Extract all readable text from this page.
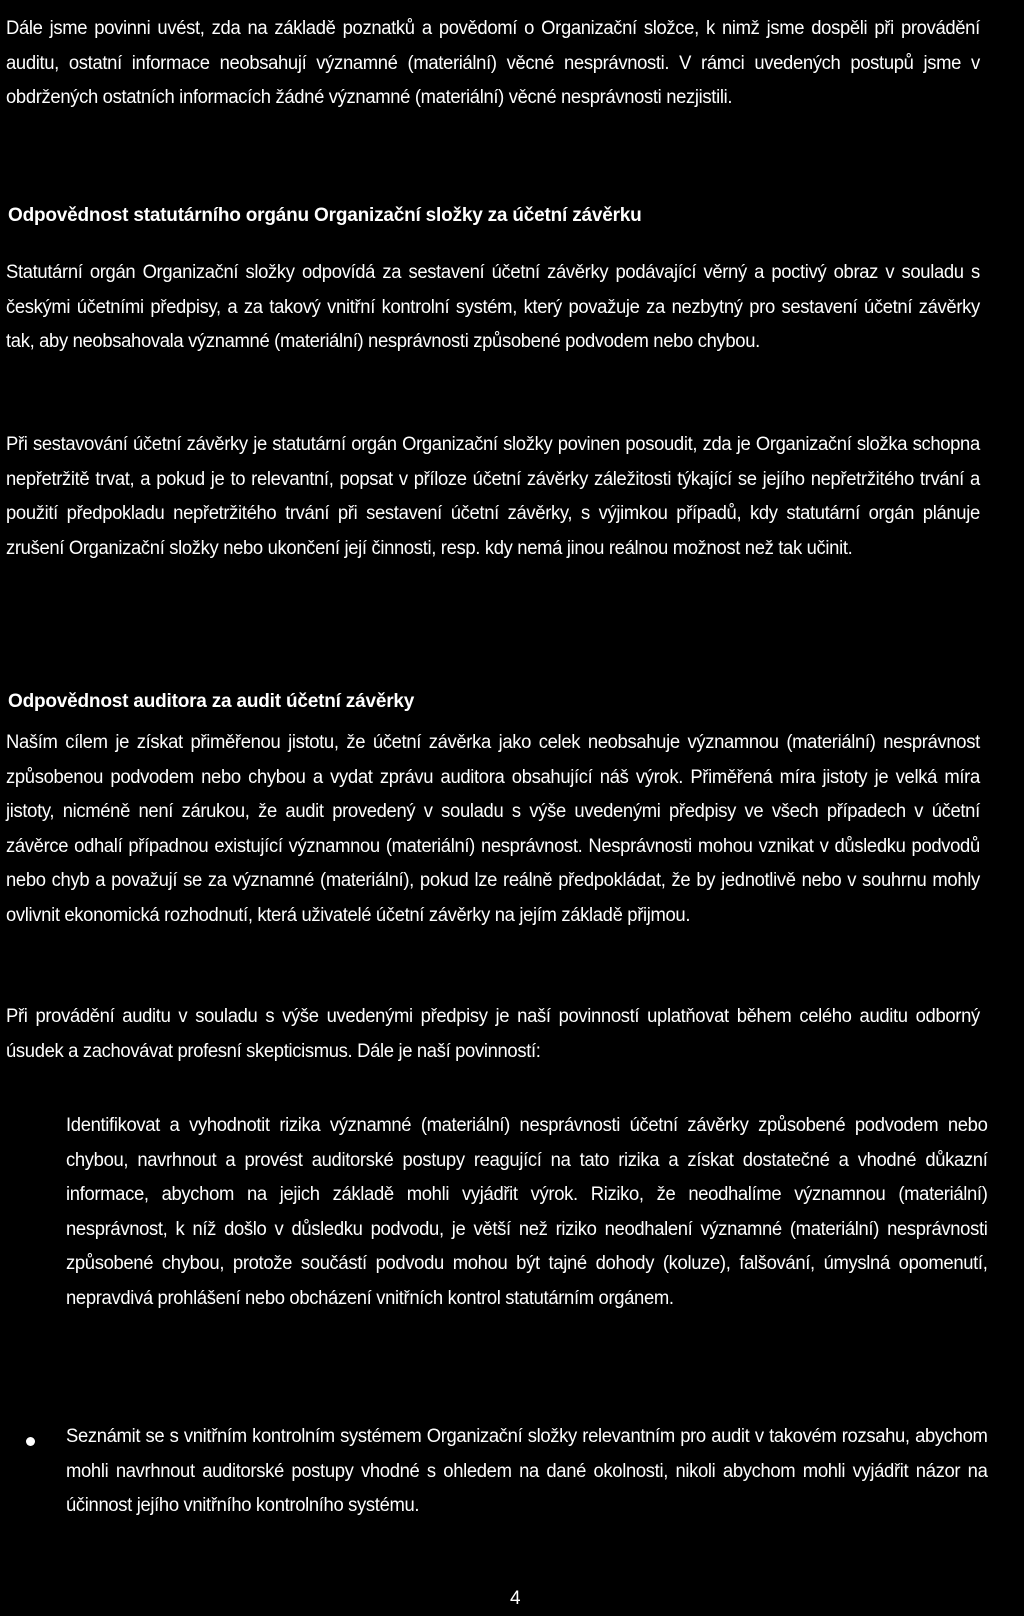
Dále jsme povinni uvést, zda na základě poznatků a povědomí o Organizační složce, k nimž jsme dospěli při provádění auditu, ostatní informace neobsahují významné (materiální) věcné nesprávnosti. V rámci uvedených postupů jsme v obdržených ostatních informacích žádné významné (materiální) věcné nesprávnosti nezjistili.

Odpovědnost statutárního orgánu Organizační složky za účetní závěrku

Statutární orgán Organizační složky odpovídá za sestavení účetní závěrky podávající věrný a poctivý obraz v souladu s českými účetními předpisy, a za takový vnitřní kontrolní systém, který považuje za nezbytný pro sestavení účetní závěrky tak, aby neobsahovala významné (materiální) nesprávnosti způsobené podvodem nebo chybou.

Při sestavování účetní závěrky je statutární orgán Organizační složky povinen posoudit, zda je Organizační složka schopna nepřetržitě trvat, a pokud je to relevantní, popsat v příloze účetní závěrky záležitosti týkající se jejího nepřetržitého trvání a použití předpokladu nepřetržitého trvání při sestavení účetní závěrky, s výjimkou případů, kdy statutární orgán plánuje zrušení Organizační složky nebo ukončení její činnosti, resp. kdy nemá jinou reálnou možnost než tak učinit.

Odpovědnost auditora za audit účetní závěrky

Naším cílem je získat přiměřenou jistotu, že účetní závěrka jako celek neobsahuje významnou (materiální) nesprávnost způsobenou podvodem nebo chybou a vydat zprávu auditora obsahující náš výrok. Přiměřená míra jistoty je velká míra jistoty, nicméně není zárukou, že audit provedený v souladu s výše uvedenými předpisy ve všech případech v účetní závěrce odhalí případnou existující významnou (materiální) nesprávnost. Nesprávnosti mohou vznikat v důsledku podvodů nebo chyb a považují se za významné (materiální), pokud lze reálně předpokládat, že by jednotlivě nebo v souhrnu mohly ovlivnit ekonomická rozhodnutí, která uživatelé účetní závěrky na jejím základě přijmou.

Při provádění auditu v souladu s výše uvedenými předpisy je naší povinností uplatňovat během celého auditu odborný úsudek a zachovávat profesní skepticismus. Dále je naší povinností:

Identifikovat a vyhodnotit rizika významné (materiální) nesprávnosti účetní závěrky způsobené podvodem nebo chybou, navrhnout a provést auditorské postupy reagující na tato rizika a získat dostatečné a vhodné důkazní informace, abychom na jejich základě mohli vyjádřit výrok. Riziko, že neodhalíme významnou (materiální) nesprávnost, k níž došlo v důsledku podvodu, je větší než riziko neodhalení významné (materiální) nesprávnosti způsobené chybou, protože součástí podvodu mohou být tajné dohody (koluze), falšování, úmyslná opomenutí, nepravdivá prohlášení nebo obcházení vnitřních kontrol statutárním orgánem.

Seznámit se s vnitřním kontrolním systémem Organizační složky relevantním pro audit v takovém rozsahu, abychom mohli navrhnout auditorské postupy vhodné s ohledem na dané okolnosti, nikoli abychom mohli vyjádřit názor na účinnost jejího vnitřního kontrolního systému.

4
